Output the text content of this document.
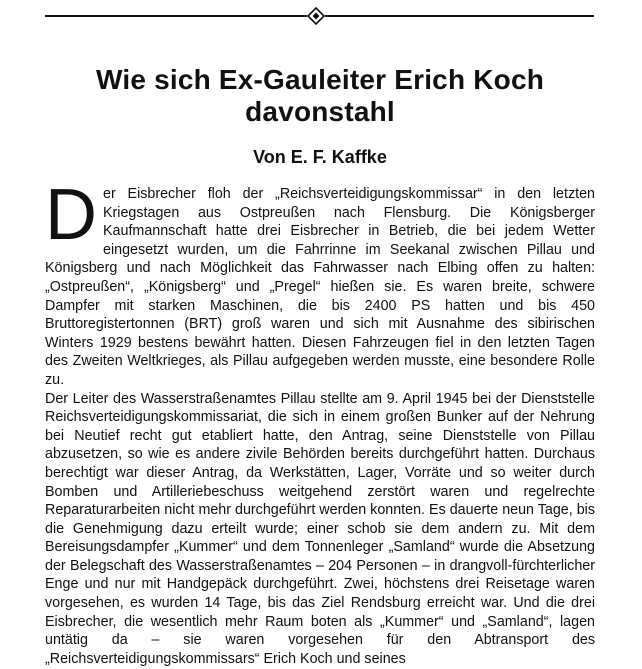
Wie sich Ex-Gauleiter Erich Koch
davonstahl
Von E. F. Kaffke

Der Eisbrecher floh der „Reichsverteidigungskommissar“ in den letzten Kriegstagen aus Ostpreußen nach Flensburg. Die Königsberger Kaufmannschaft hatte drei Eisbrecher in Betrieb, die bei jedem Wetter eingesetzt wurden, um die Fahrrinne im Seekanal zwischen Pillau und Königsberg und nach Möglichkeit das Fahrwasser nach Elbing offen zu halten: „Ostpreußen“, „Königsberg“ und „Pregel“ hießen sie. Es waren breite, schwere Dampfer mit starken Maschinen, die bis 2400 PS hatten und bis 450 Bruttoregistertonnen (BRT) groß waren und sich mit Ausnahme des sibirischen Winters 1929 bestens bewährt hatten. Diesen Fahrzeugen fiel in den letzten Tagen des Zweiten Weltkrieges, als Pillau aufgegeben werden musste, eine besondere Rolle zu.

Der Leiter des Wasserstraßenamtes Pillau stellte am 9. April 1945 bei der Dienststelle Reichsverteidigungskommissariat, die sich in einem großen Bunker auf der Nehrung bei Neutief recht gut etabliert hatte, den Antrag, seine Dienststelle von Pillau abzusetzen, so wie es andere zivile Behörden bereits durchgeführt hatten. Durchaus berechtigt war dieser Antrag, da Werkstätten, Lager, Vorräte und so weiter durch Bomben und Artilleriebeschuss weitgehend zerstört waren und regelrechte Reparaturarbeiten nicht mehr durchgeführt werden konnten. Es dauerte neun Tage, bis die Genehmigung dazu erteilt wurde; einer schob sie dem andern zu. Mit dem Bereisungsdampfer „Kummer“ und dem Tonnenleger „Samland“ wurde die Absetzung der Belegschaft des Wasserstraßenamtes – 204 Personen – in drangvoll-fürchterlicher Enge und nur mit Handgepäck durchgeführt. Zwei, höchstens drei Reisetage waren vorgesehen, es wurden 14 Tage, bis das Ziel Rendsburg erreicht war. Und die drei Eisbrecher, die wesentlich mehr Raum boten als „Kummer“ und „Samland“, lagen untätig da – sie waren vorgesehen für den Abtransport des „Reichsverteidigungskommissars“ Erich Koch und seines
